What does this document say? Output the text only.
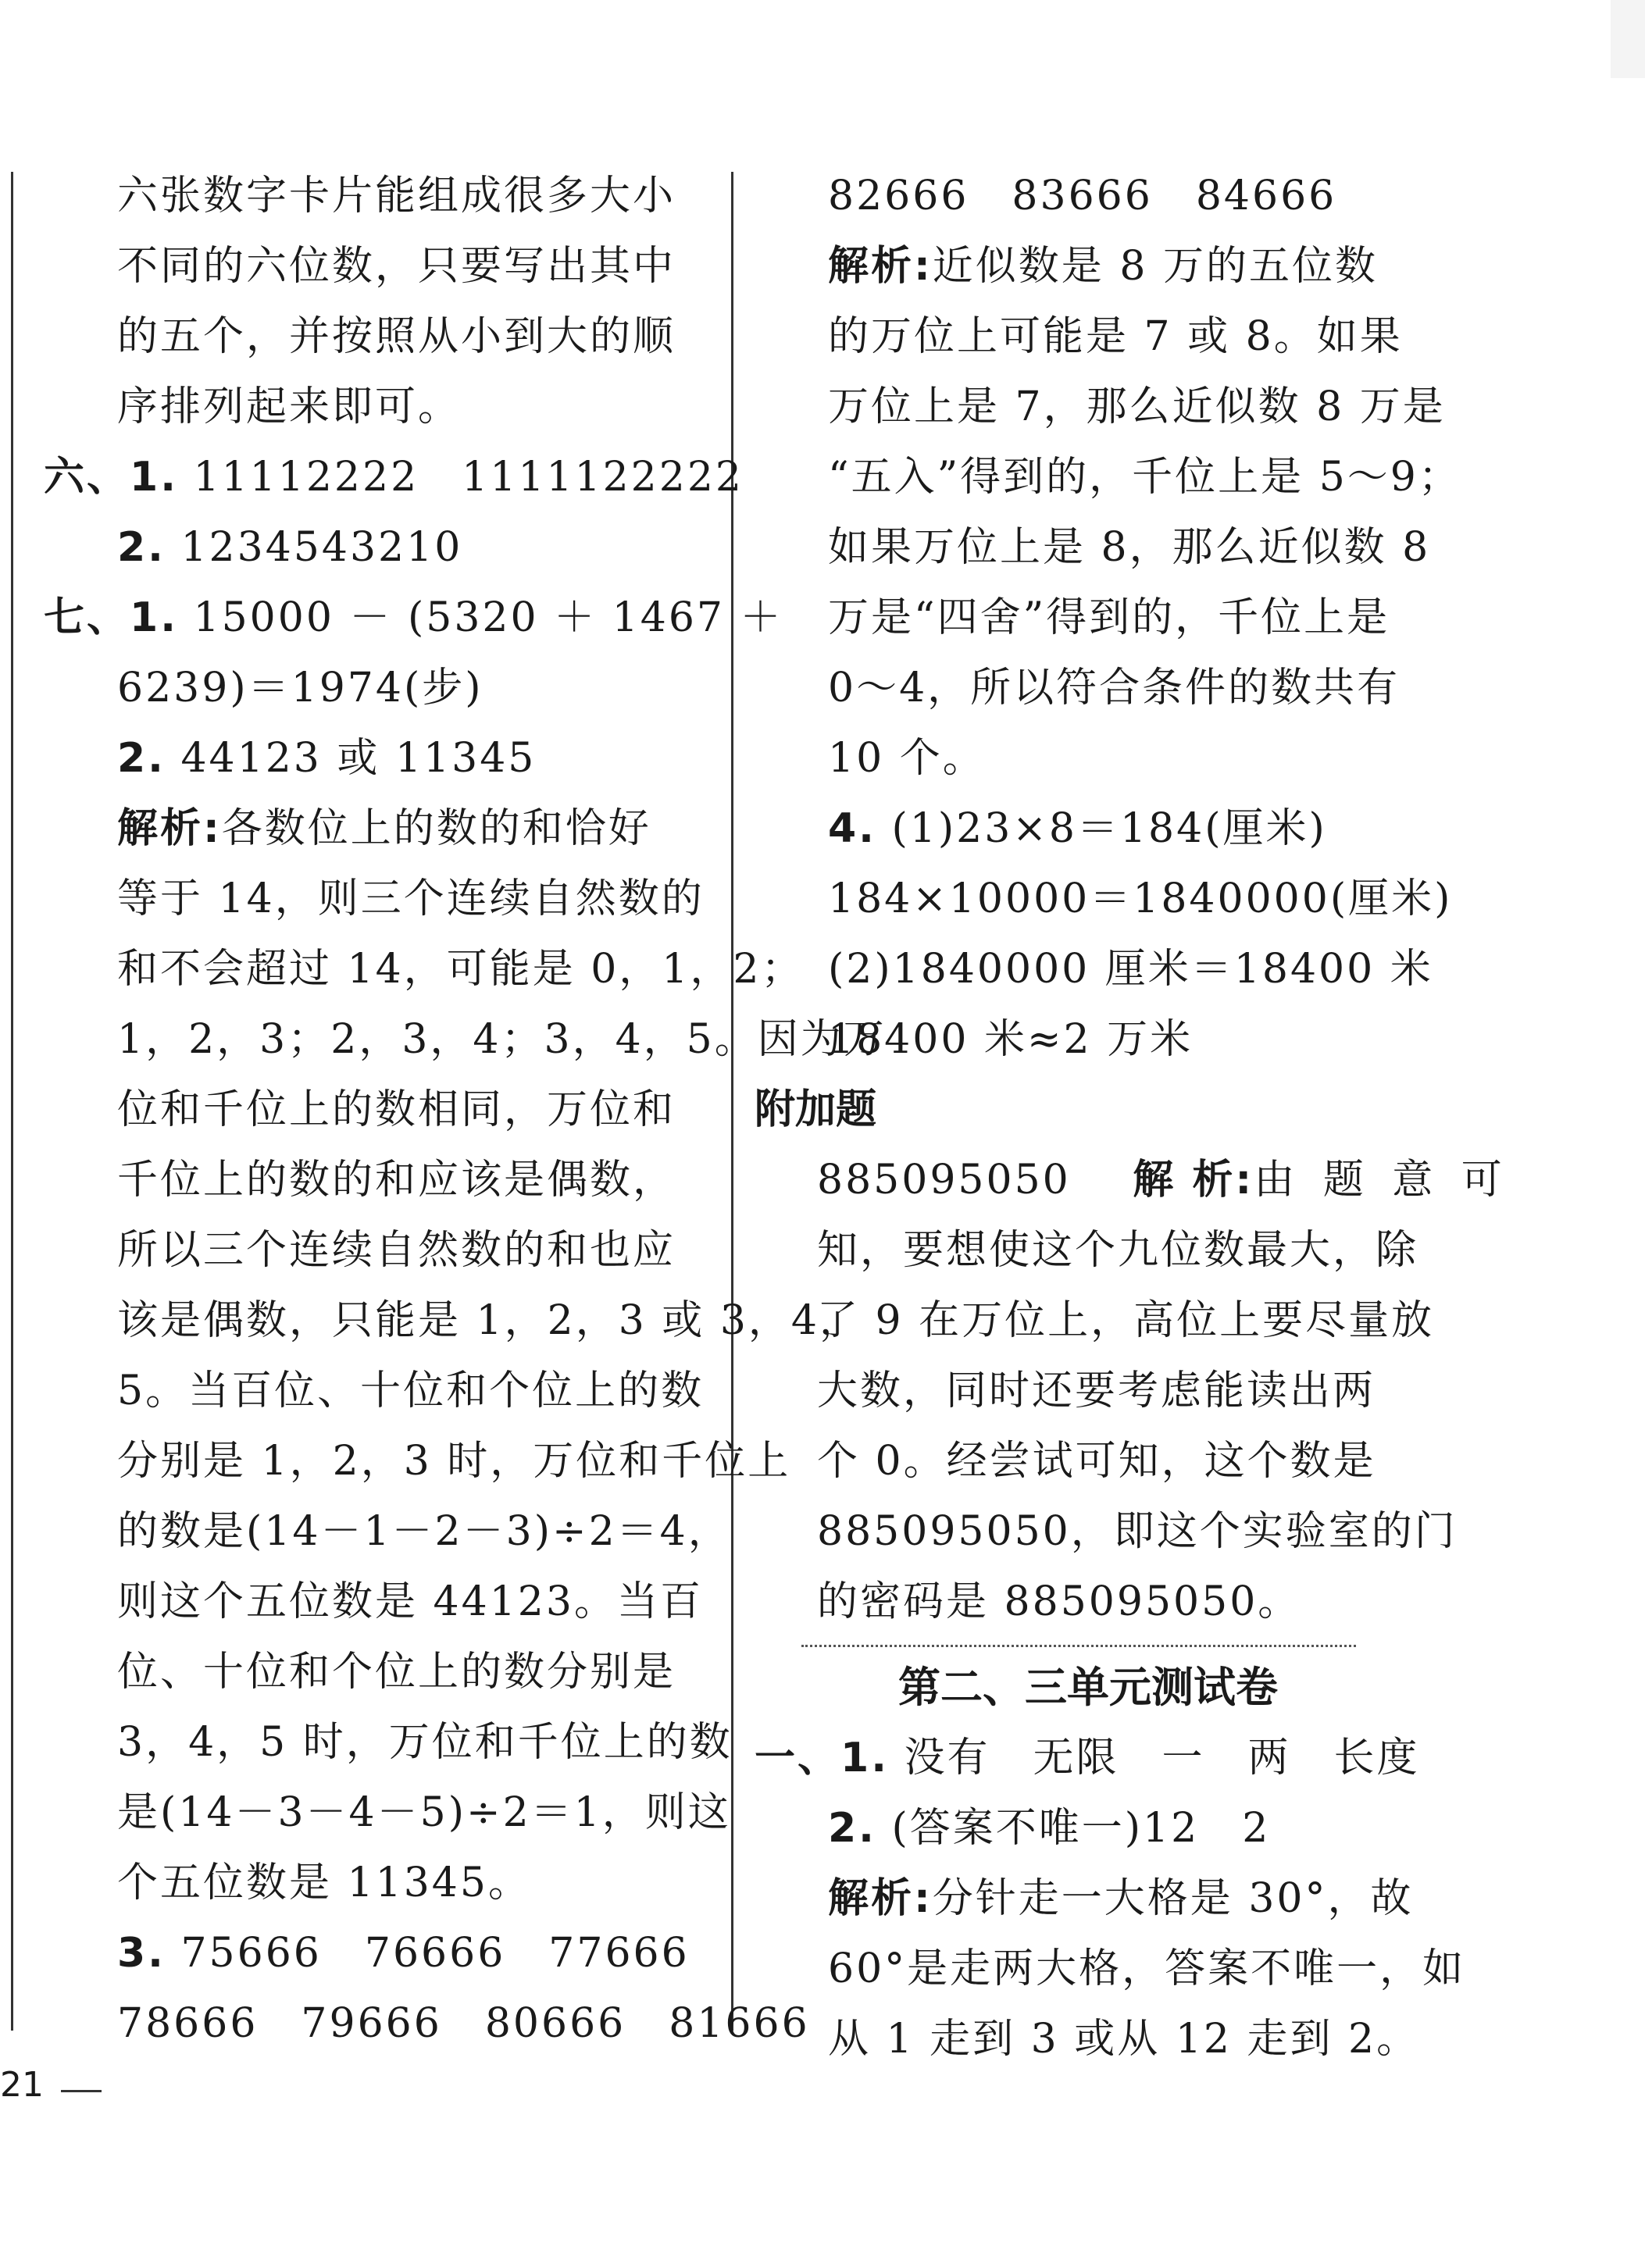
六张数字卡片能组成很多大小
不同的六位数，只要写出其中
的五个，并按照从小到大的顺
序排列起来即可。
六、1. 11112222　1111122222
2. 1234543210
七、1. 15000 － (5320 ＋ 1467 ＋
6239)＝1974(步)
2. 44123 或 11345
解析:各数位上的数的和恰好
等于 14，则三个连续自然数的
和不会超过 14，可能是 0，1，2；
1，2，3；2，3，4；3，4，5。因为万
位和千位上的数相同，万位和
千位上的数的和应该是偶数，
所以三个连续自然数的和也应
该是偶数，只能是 1，2，3 或 3，4，
5。当百位、十位和个位上的数
分别是 1，2，3 时，万位和千位上
的数是(14－1－2－3)÷2＝4，
则这个五位数是 44123。当百
位、十位和个位上的数分别是
3，4，5 时，万位和千位上的数
是(14－3－4－5)÷2＝1，则这
个五位数是 11345。
3. 75666　76666　77666
78666　79666　80666　81666
82666　83666　84666
解析:近似数是 8 万的五位数
的万位上可能是 7 或 8。如果
万位上是 7，那么近似数 8 万是
“五入”得到的，千位上是 5～9；
如果万位上是 8，那么近似数 8
万是“四舍”得到的，千位上是
0～4，所以符合条件的数共有
10 个。
4. (1)23×8＝184(厘米)
184×10000＝1840000(厘米)
(2)1840000 厘米＝18400 米
18400 米≈2 万米
附加题
885095050 解 析:由 题 意 可
知，要想使这个九位数最大，除
了 9 在万位上，高位上要尽量放
大数，同时还要考虑能读出两
个 0。经尝试可知，这个数是
885095050，即这个实验室的门
的密码是 885095050。
第二、三单元测试卷
一、1. 没有　无限　一　两　长度
2. (答案不唯一)12　2
解析:分针走一大格是 30°，故
60°是走两大格，答案不唯一，如
从 1 走到 3 或从 12 走到 2。
21
